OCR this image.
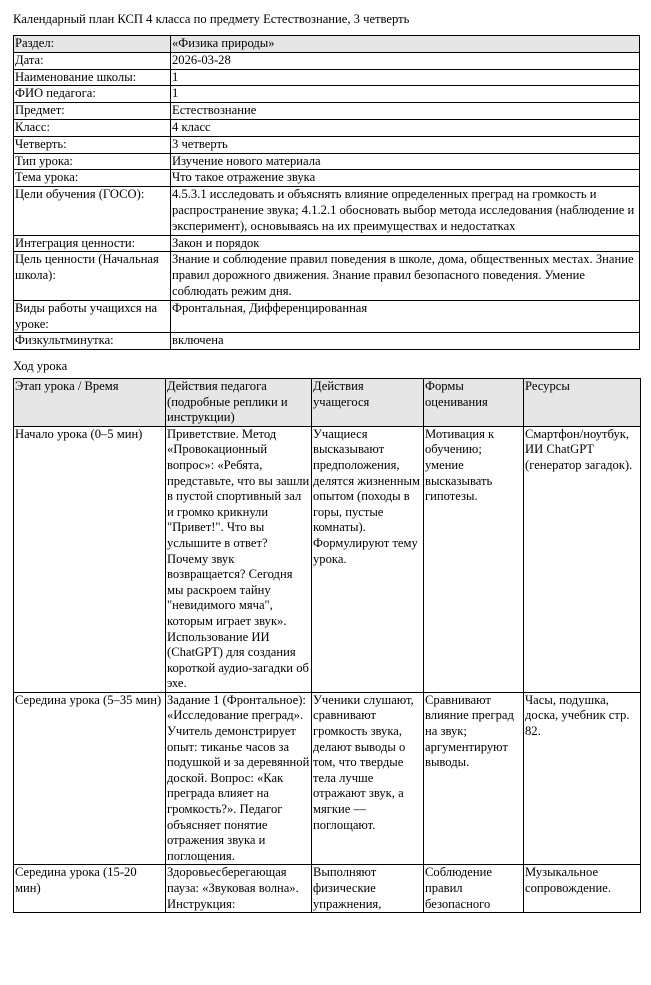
Календарный план КСП 4 класса по предмету Естествознание, 3 четверть
Раздел:	«Физика природы»
Дата:	2026-03-28
Наименование школы:	1
ФИО педагога:	1
Предмет:	Естествознание
Класс:	4 класс
Четверть:	3 четверть
Тип урока:	Изучение нового материала
Тема урока:	Что такое отражение звука
Цели обучения (ГОСО):	4.5.3.1 исследовать и объяснять влияние определенных преград на громкость и распространение звука; 4.1.2.1 обосновать выбор метода исследования (наблюдение и эксперимент), основываясь на их преимуществах и недостатках
Интеграция ценности:	Закон и порядок
Цель ценности (Начальная школа):	Знание и соблюдение правил поведения в школе, дома, общественных местах. Знание правил дорожного движения. Знание правил безопасного поведения. Умение соблюдать режим дня.
Виды работы учащихся на уроке:	Фронтальная, Дифференцированная
Физкультминутка:	включена
Ход урока
Этап урока / Время	Действия педагога (подробные реплики и инструкции)	Действия учащегося	Формы оценивания	Ресурсы
Начало урока (0–5 мин)	Приветствие. Метод «Провокационный вопрос»: «Ребята, представьте, что вы зашли в пустой спортивный зал и громко крикнули "Привет!". Что вы услышите в ответ? Почему звук возвращается? Сегодня мы раскроем тайну "невидимого мяча", которым играет звук». Использование ИИ (ChatGPT) для создания короткой аудио-загадки об эхе.	Учащиеся высказывают предположения, делятся жизненным опытом (походы в горы, пустые комнаты). Формулируют тему урока.	Мотивация к обучению; умение высказывать гипотезы.	Смартфон/ноутбук, ИИ ChatGPT (генератор загадок).
Середина урока (5–35 мин)	Задание 1 (Фронтальное): «Исследование преград». Учитель демонстрирует опыт: тиканье часов за подушкой и за деревянной доской. Вопрос: «Как преграда влияет на громкость?». Педагог объясняет понятие отражения звука и поглощения.	Ученики слушают, сравнивают громкость звука, делают выводы о том, что твердые тела лучше отражают звук, а мягкие — поглощают.	Сравнивают влияние преград на звук; аргументируют выводы.	Часы, подушка, доска, учебник стр. 82.
Середина урока (15-20 мин)	Здоровьесберегающая пауза: «Звуковая волна». Инструкция:	Выполняют физические упражнения,	Соблюдение правил безопасного	Музыкальное сопровождение.
